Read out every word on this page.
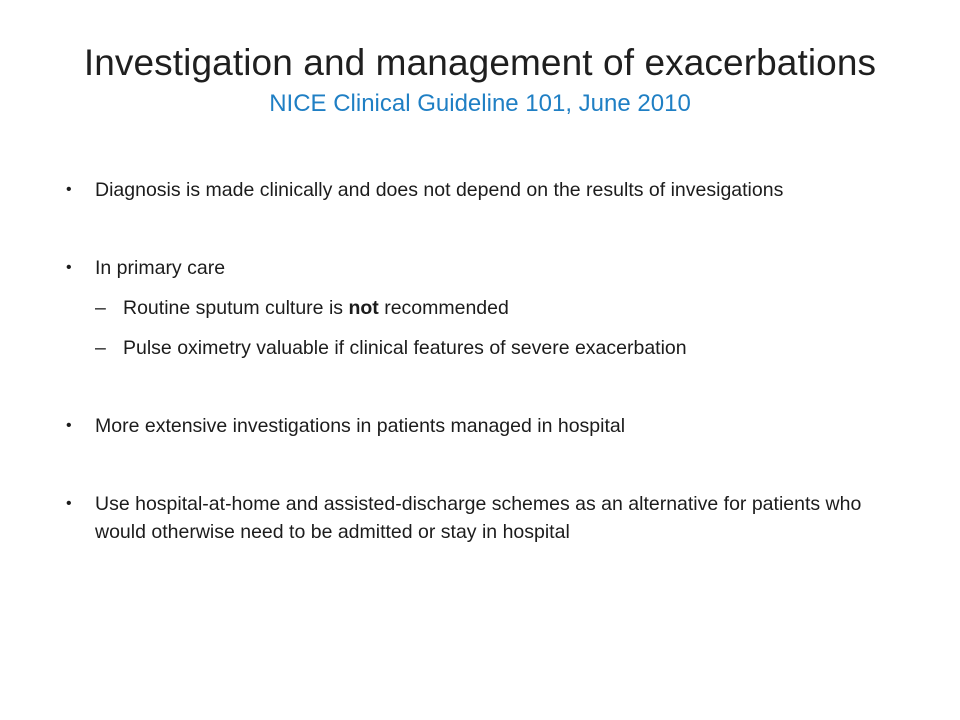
Investigation and management of exacerbations
NICE Clinical Guideline 101, June 2010
•	Diagnosis is made clinically and does not depend on the results of invesigations
•	In primary care
– Routine sputum culture is not recommended
– Pulse oximetry valuable if clinical features of severe exacerbation
•	More extensive investigations in patients managed in hospital
•	Use hospital-at-home and assisted-discharge schemes as an alternative for patients who would otherwise need to be admitted or stay in hospital
